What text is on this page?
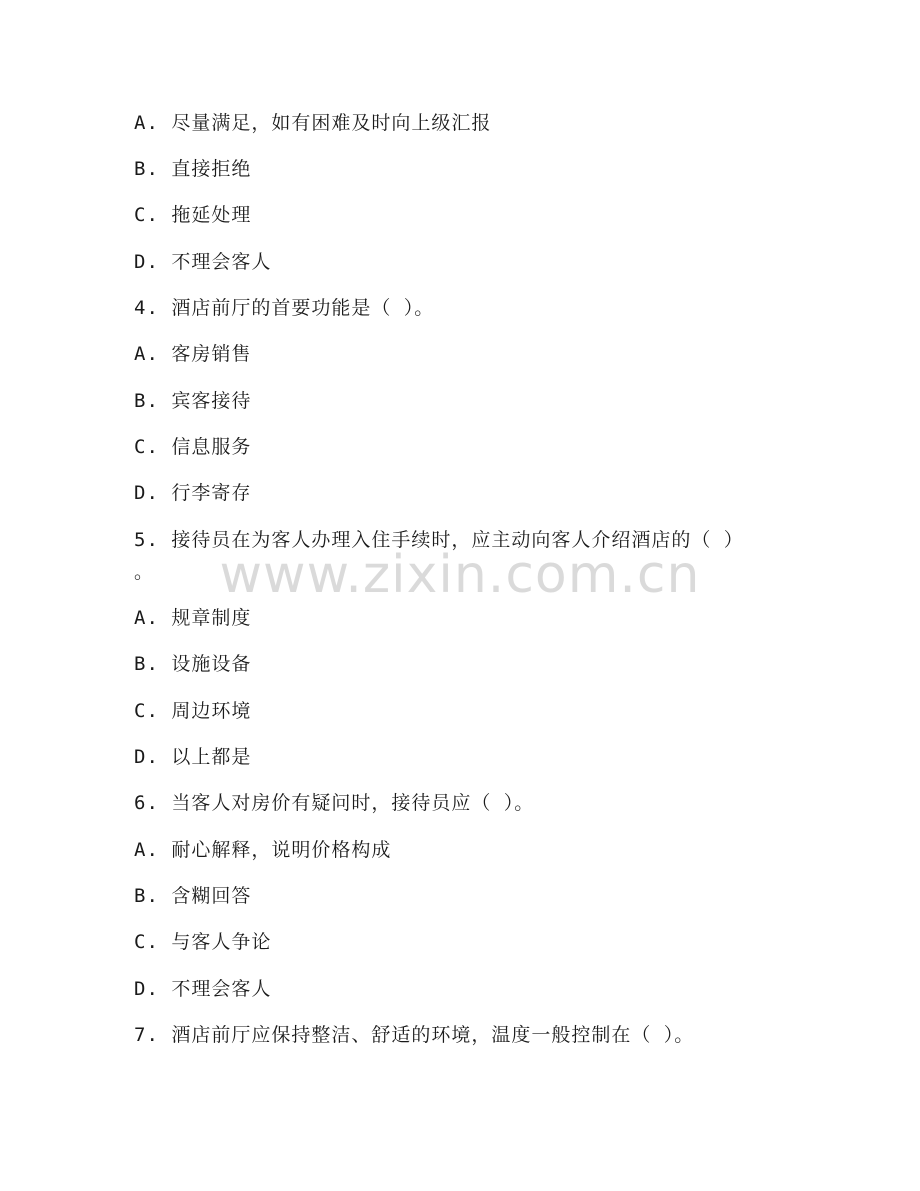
A. 尽量满足，如有困难及时向上级汇报
B. 直接拒绝
C. 拖延处理
D. 不理会客人
4. 酒店前厅的首要功能是（ ）。
A. 客房销售
B. 宾客接待
C. 信息服务
D. 行李寄存
5. 接待员在为客人办理入住手续时，应主动向客人介绍酒店的（ ）
。
A. 规章制度
B. 设施设备
C. 周边环境
D. 以上都是
6. 当客人对房价有疑问时，接待员应（ ）。
A. 耐心解释，说明价格构成
B. 含糊回答
C. 与客人争论
D. 不理会客人
7. 酒店前厅应保持整洁、舒适的环境，温度一般控制在（ ）。
www.zixin.com.cn
